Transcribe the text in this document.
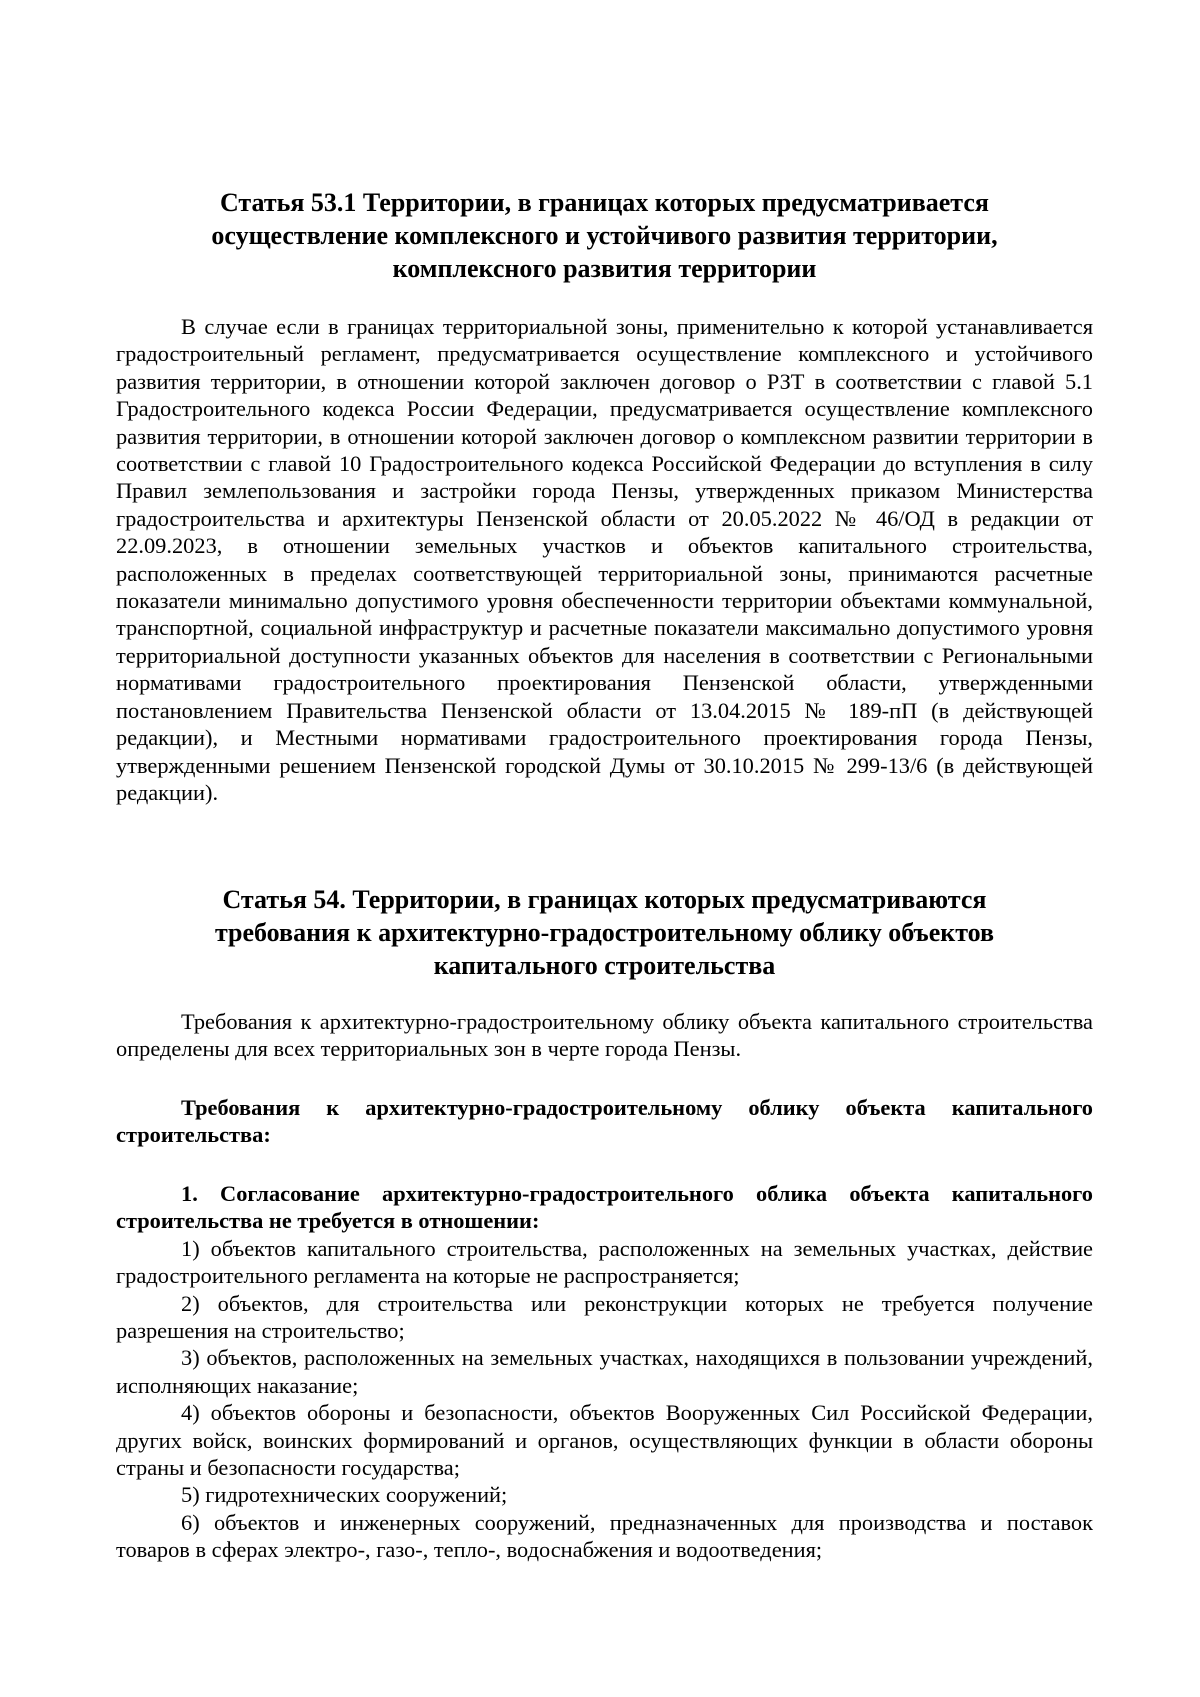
Статья 53.1 Территории, в границах которых предусматривается
осуществление комплексного и устойчивого развития территории,
комплексного развития территории

В случае если в границах территориальной зоны, применительно к которой устанавливается градостроительный регламент, предусматривается осуществление комплексного и устойчивого развития территории, в отношении которой заключен договор о РЗТ в соответствии с главой 5.1 Градостроительного кодекса России Федерации, предусматривается осуществление комплексного развития территории, в отношении которой заключен договор о комплексном развитии территории в соответствии с главой 10 Градостроительного кодекса Российской Федерации до вступления в силу Правил землепользования и застройки города Пензы, утвержденных приказом Министерства градостроительства и архитектуры Пензенской области от 20.05.2022 № 46/ОД в редакции от 22.09.2023, в отношении земельных участков и объектов капитального строительства, расположенных в пределах соответствующей территориальной зоны, принимаются расчетные показатели минимально допустимого уровня обеспеченности территории объектами коммунальной, транспортной, социальной инфраструктур и расчетные показатели максимально допустимого уровня территориальной доступности указанных объектов для населения в соответствии с Региональными нормативами градостроительного проектирования Пензенской области, утвержденными постановлением Правительства Пензенской области от 13.04.2015 № 189-пП (в действующей редакции), и Местными нормативами градостроительного проектирования города Пензы, утвержденными решением Пензенской городской Думы от 30.10.2015 № 299-13/6 (в действующей редакции).

Статья 54. Территории, в границах которых предусматриваются
требования к архитектурно-градостроительному облику объектов
капитального строительства

Требования к архитектурно-градостроительному облику объекта капитального строительства определены для всех территориальных зон в черте города Пензы.

Требования к архитектурно-градостроительному облику объекта капитального строительства:

1. Согласование архитектурно-градостроительного облика объекта капитального строительства не требуется в отношении:

1) объектов капитального строительства, расположенных на земельных участках, действие градостроительного регламента на которые не распространяется;

2) объектов, для строительства или реконструкции которых не требуется получение разрешения на строительство;

3) объектов, расположенных на земельных участках, находящихся в пользовании учреждений, исполняющих наказание;

4) объектов обороны и безопасности, объектов Вооруженных Сил Российской Федерации, других войск, воинских формирований и органов, осуществляющих функции в области обороны страны и безопасности государства;

5) гидротехнических сооружений;

6) объектов и инженерных сооружений, предназначенных для производства и поставок товаров в сферах электро-, газо-, тепло-, водоснабжения и водоотведения;
